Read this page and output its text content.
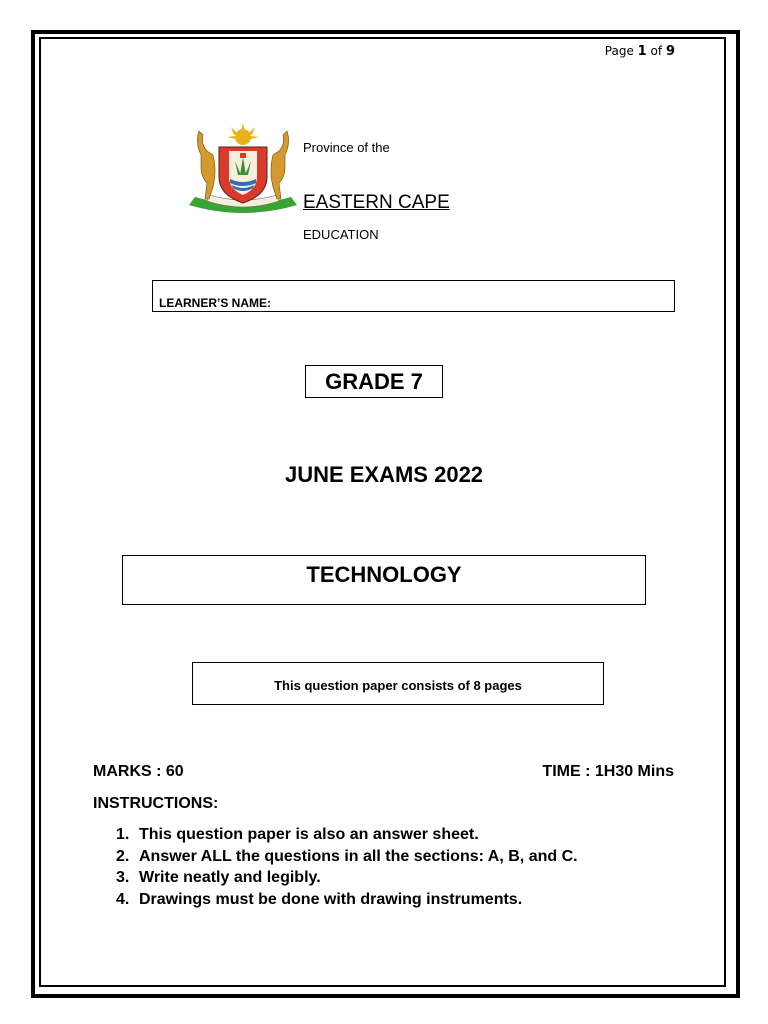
Page 1 of 9
Province of the
EASTERN CAPE
EDUCATION
LEARNER’S NAME:
GRADE 7
JUNE EXAMS 2022
TECHNOLOGY
This question paper consists of 8 pages
MARKS : 60	TIME : 1H30 Mins
INSTRUCTIONS:
1. This question paper is also an answer sheet.
2. Answer ALL the questions in all the sections: A, B, and C.
3. Write neatly and legibly.
4. Drawings must be done with drawing instruments.
